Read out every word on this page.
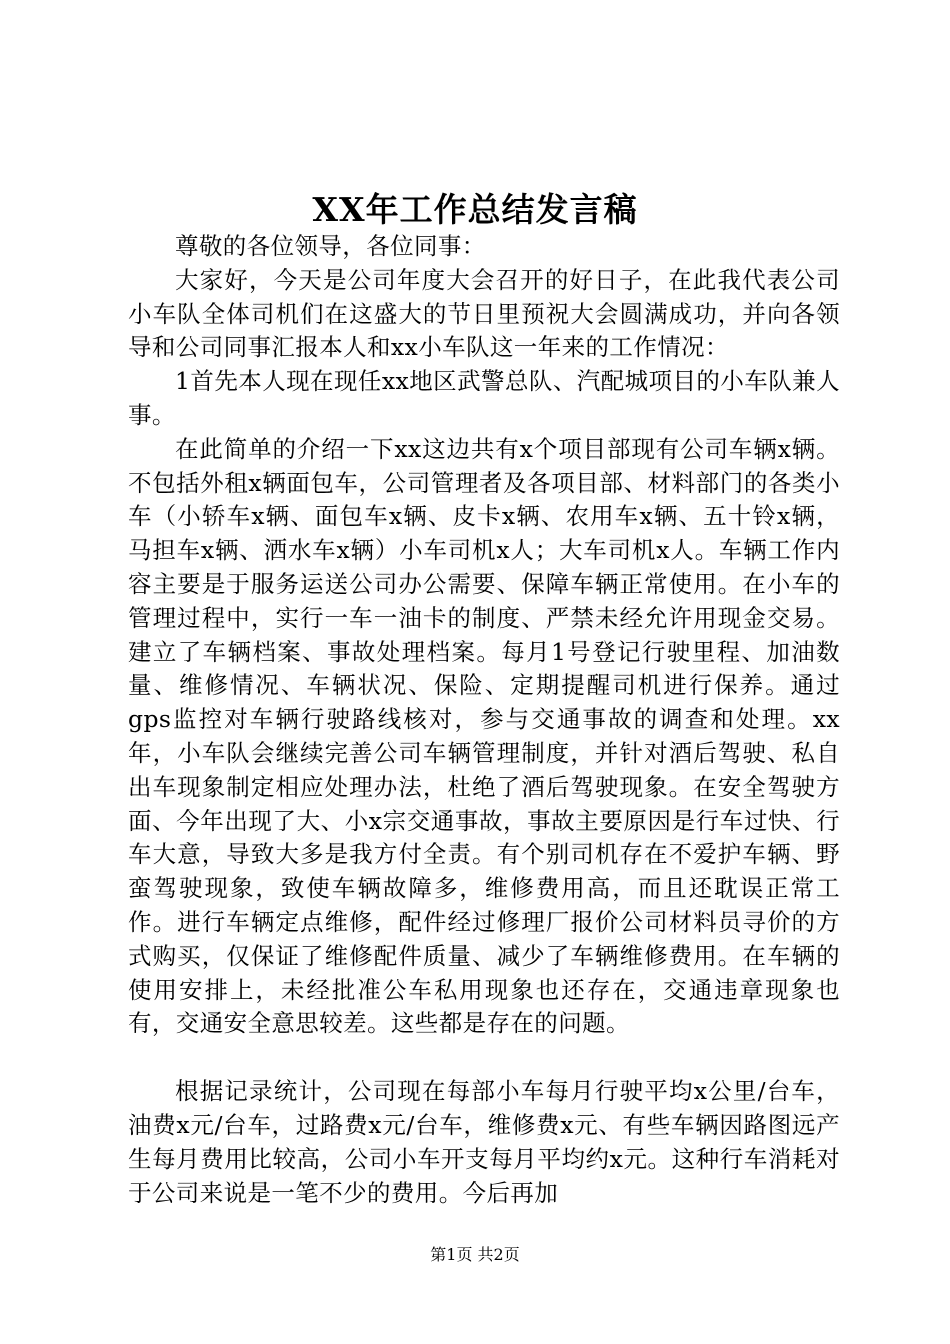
XX年工作总结发言稿

尊敬的各位领导，各位同事：

大家好，今天是公司年度大会召开的好日子，在此我代表公司小车队全体司机们在这盛大的节日里预祝大会圆满成功，并向各领导和公司同事汇报本人和xx小车队这一年来的工作情况：

1首先本人现在现任xx地区武警总队、汽配城项目的小车队兼人事。

在此简单的介绍一下xx这边共有x个项目部现有公司车辆x辆。不包括外租x辆面包车，公司管理者及各项目部、材料部门的各类小车（小轿车x辆、面包车x辆、皮卡x辆、农用车x辆、五十铃x辆，马担车x辆、洒水车x辆）小车司机x人；大车司机x人。车辆工作内容主要是于服务运送公司办公需要、保障车辆正常使用。在小车的管理过程中，实行一车一油卡的制度、严禁未经允许用现金交易。建立了车辆档案、事故处理档案。每月1号登记行驶里程、加油数量、维修情况、车辆状况、保险、定期提醒司机进行保养。通过gps监控对车辆行驶路线核对，参与交通事故的调查和处理。xx年，小车队会继续完善公司车辆管理制度，并针对酒后驾驶、私自出车现象制定相应处理办法，杜绝了酒后驾驶现象。在安全驾驶方面、今年出现了大、小x宗交通事故，事故主要原因是行车过快、行车大意，导致大多是我方付全责。有个别司机存在不爱护车辆、野蛮驾驶现象，致使车辆故障多，维修费用高，而且还耽误正常工作。进行车辆定点维修，配件经过修理厂报价公司材料员寻价的方式购买，仅保证了维修配件质量、减少了车辆维修费用。在车辆的使用安排上，未经批准公车私用现象也还存在，交通违章现象也有，交通安全意思较差。这些都是存在的问题。

根据记录统计，公司现在每部小车每月行驶平均x公里/台车，油费x元/台车，过路费x元/台车，维修费x元、有些车辆因路图远产生每月费用比较高，公司小车开支每月平均约x元。这种行车消耗对于公司来说是一笔不少的费用。今后再加

第1页 共2页
